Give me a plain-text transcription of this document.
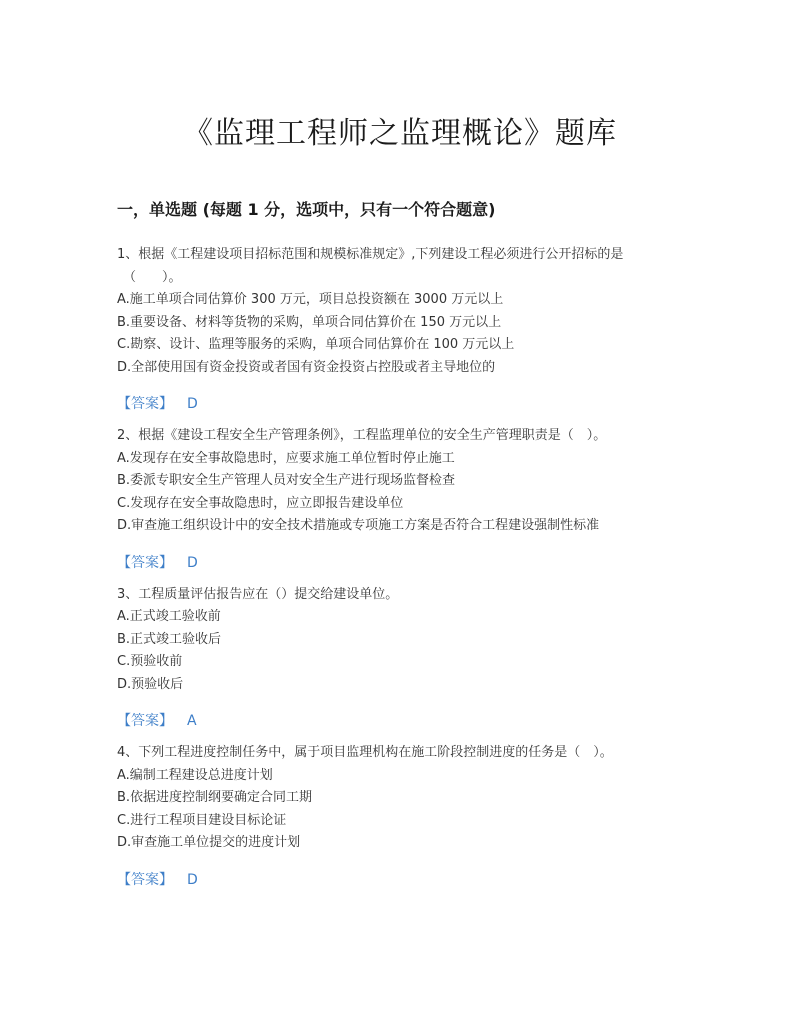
《监理工程师之监理概论》题库
一，单选题 (每题 1 分，选项中，只有一个符合题意)
1、根据《工程建设项目招标范围和规模标准规定》,下列建设工程必须进行公开招标的是
（　　）。
A.施工单项合同估算价 300 万元，项目总投资额在 3000 万元以上
B.重要设备、材料等货物的采购，单项合同估算价在 150 万元以上
C.勘察、设计、监理等服务的采购，单项合同估算价在 100 万元以上
D.全部使用国有资金投资或者国有资金投资占控股或者主导地位的
【答案】 D
2、根据《建设工程安全生产管理条例》，工程监理单位的安全生产管理职责是（　）。
A.发现存在安全事故隐患时，应要求施工单位暂时停止施工
B.委派专职安全生产管理人员对安全生产进行现场监督检查
C.发现存在安全事故隐患时，应立即报告建设单位
D.审查施工组织设计中的安全技术措施或专项施工方案是否符合工程建设强制性标准
【答案】 D
3、工程质量评估报告应在（）提交给建设单位。
A.正式竣工验收前
B.正式竣工验收后
C.预验收前
D.预验收后
【答案】 A
4、下列工程进度控制任务中，属于项目监理机构在施工阶段控制进度的任务是（　）。
A.编制工程建设总进度计划
B.依据进度控制纲要确定合同工期
C.进行工程项目建设目标论证
D.审查施工单位提交的进度计划
【答案】 D
